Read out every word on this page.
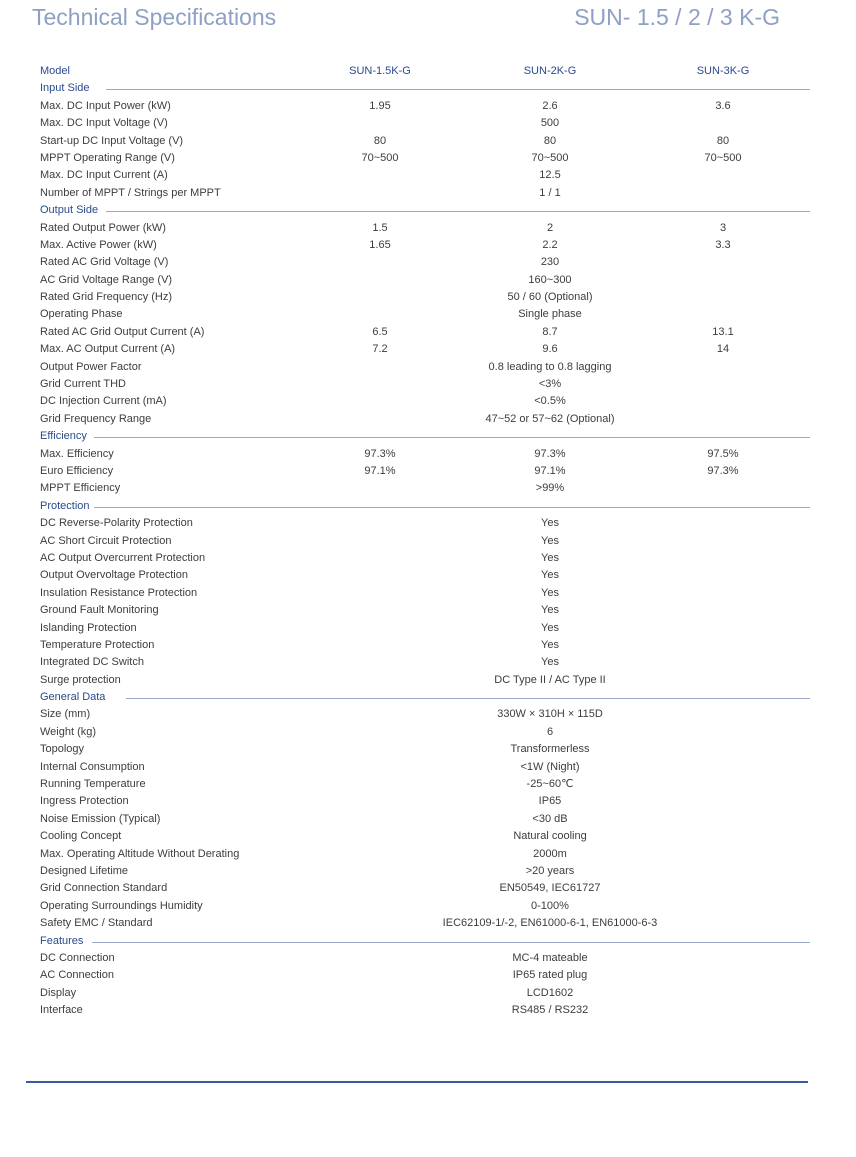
Technical Specifications	SUN- 1.5 / 2 / 3 K-G
Model	SUN-1.5K-G	SUN-2K-G	SUN-3K-G
Input Side
Max. DC Input Power (kW)	1.95	2.6	3.6
Max. DC Input Voltage (V)	500
Start-up DC Input Voltage (V)	80	80	80
MPPT Operating Range (V)	70~500	70~500	70~500
Max. DC Input Current (A)	12.5
Number of MPPT / Strings per MPPT	1 / 1
Output Side
Rated Output Power (kW)	1.5	2	3
Max. Active Power (kW)	1.65	2.2	3.3
Rated AC Grid Voltage (V)	230
AC Grid Voltage Range (V)	160~300
Rated Grid Frequency (Hz)	50 / 60 (Optional)
Operating Phase	Single phase
Rated AC Grid Output Current (A)	6.5	8.7	13.1
Max. AC Output Current (A)	7.2	9.6	14
Output Power Factor	0.8 leading to 0.8 lagging
Grid Current THD	<3%
DC Injection Current (mA)	<0.5%
Grid Frequency Range	47~52 or 57~62 (Optional)
Efficiency
Max. Efficiency	97.3%	97.3%	97.5%
Euro Efficiency	97.1%	97.1%	97.3%
MPPT Efficiency	>99%
Protection
DC Reverse-Polarity Protection	Yes
AC Short Circuit Protection	Yes
AC Output Overcurrent Protection	Yes
Output Overvoltage Protection	Yes
Insulation Resistance Protection	Yes
Ground Fault Monitoring	Yes
Islanding Protection	Yes
Temperature Protection	Yes
Integrated DC Switch	Yes
Surge protection	DC Type II / AC Type II
General Data
Size (mm)	330W × 310H × 115D
Weight (kg)	6
Topology	Transformerless
Internal Consumption	<1W (Night)
Running Temperature	-25~60℃
Ingress Protection	IP65
Noise Emission (Typical)	<30 dB
Cooling Concept	Natural cooling
Max. Operating Altitude Without Derating	2000m
Designed Lifetime	>20 years
Grid Connection Standard	EN50549, IEC61727
Operating Surroundings Humidity	0-100%
Safety EMC / Standard	IEC62109-1/-2, EN61000-6-1, EN61000-6-3
Features
DC Connection	MC-4 mateable
AC Connection	IP65 rated plug
Display	LCD1602
Interface	RS485 / RS232
